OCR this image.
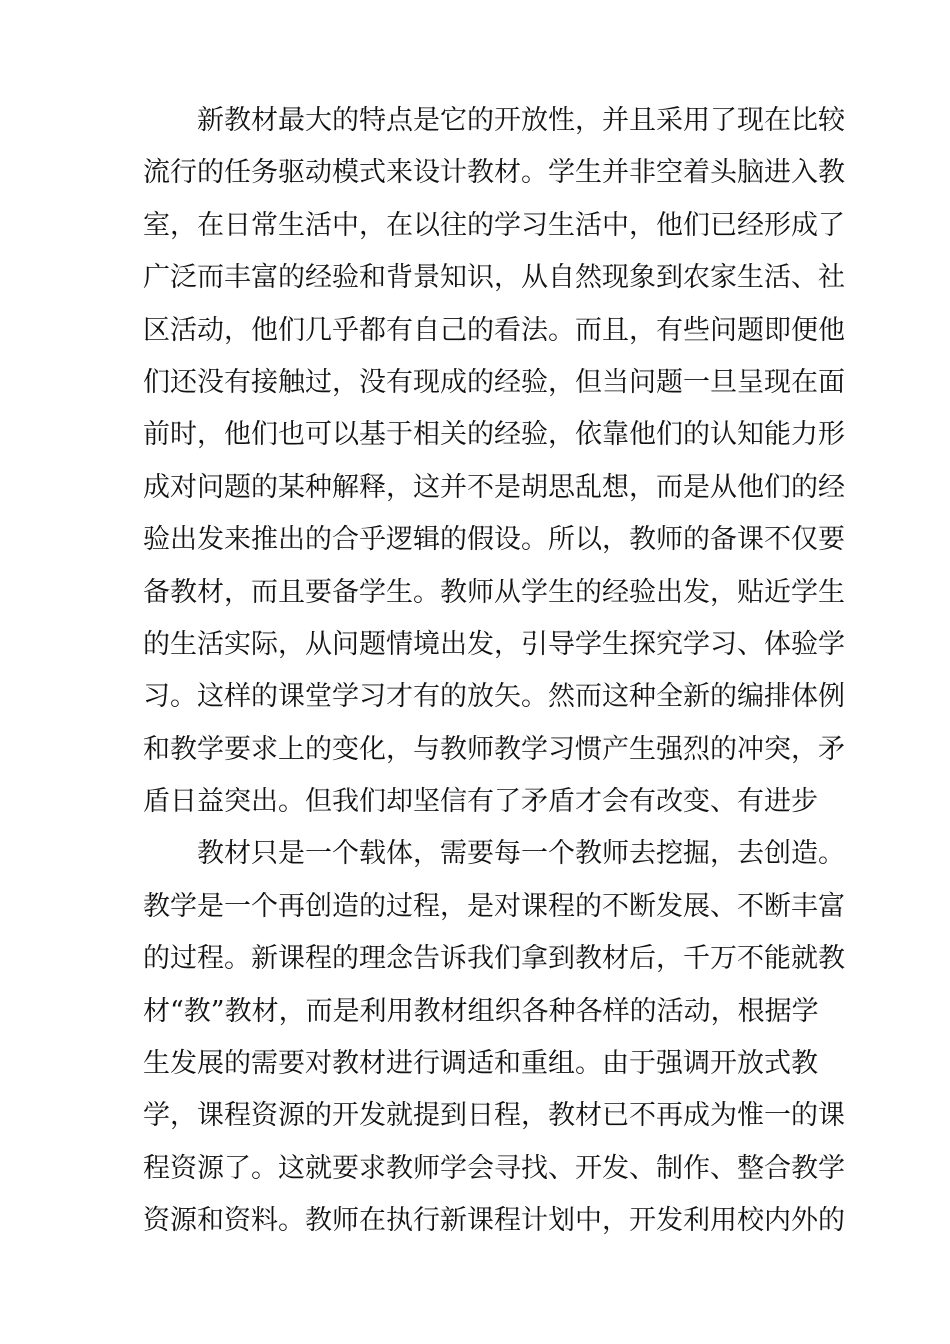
新教材最大的特点是它的开放性，并且采用了现在比较
流行的任务驱动模式来设计教材。学生并非空着头脑进入教
室，在日常生活中，在以往的学习生活中，他们已经形成了
广泛而丰富的经验和背景知识，从自然现象到农家生活、社
区活动，他们几乎都有自己的看法。而且，有些问题即便他
们还没有接触过，没有现成的经验，但当问题一旦呈现在面
前时，他们也可以基于相关的经验，依靠他们的认知能力形
成对问题的某种解释，这并不是胡思乱想，而是从他们的经
验出发来推出的合乎逻辑的假设。所以，教师的备课不仅要
备教材，而且要备学生。教师从学生的经验出发，贴近学生
的生活实际，从问题情境出发，引导学生探究学习、体验学
习。这样的课堂学习才有的放矢。然而这种全新的编排体例
和教学要求上的变化，与教师教学习惯产生强烈的冲突，矛
盾日益突出。但我们却坚信有了矛盾才会有改变、有进步
教材只是一个载体，需要每一个教师去挖掘，去创造。
教学是一个再创造的过程，是对课程的不断发展、不断丰富
的过程。新课程的理念告诉我们拿到教材后，千万不能就教
材“教”教材，而是利用教材组织各种各样的活动，根据学
生发展的需要对教材进行调适和重组。由于强调开放式教
学，课程资源的开发就提到日程，教材已不再成为惟一的课
程资源了。这就要求教师学会寻找、开发、制作、整合教学
资源和资料。教师在执行新课程计划中，开发利用校内外的
